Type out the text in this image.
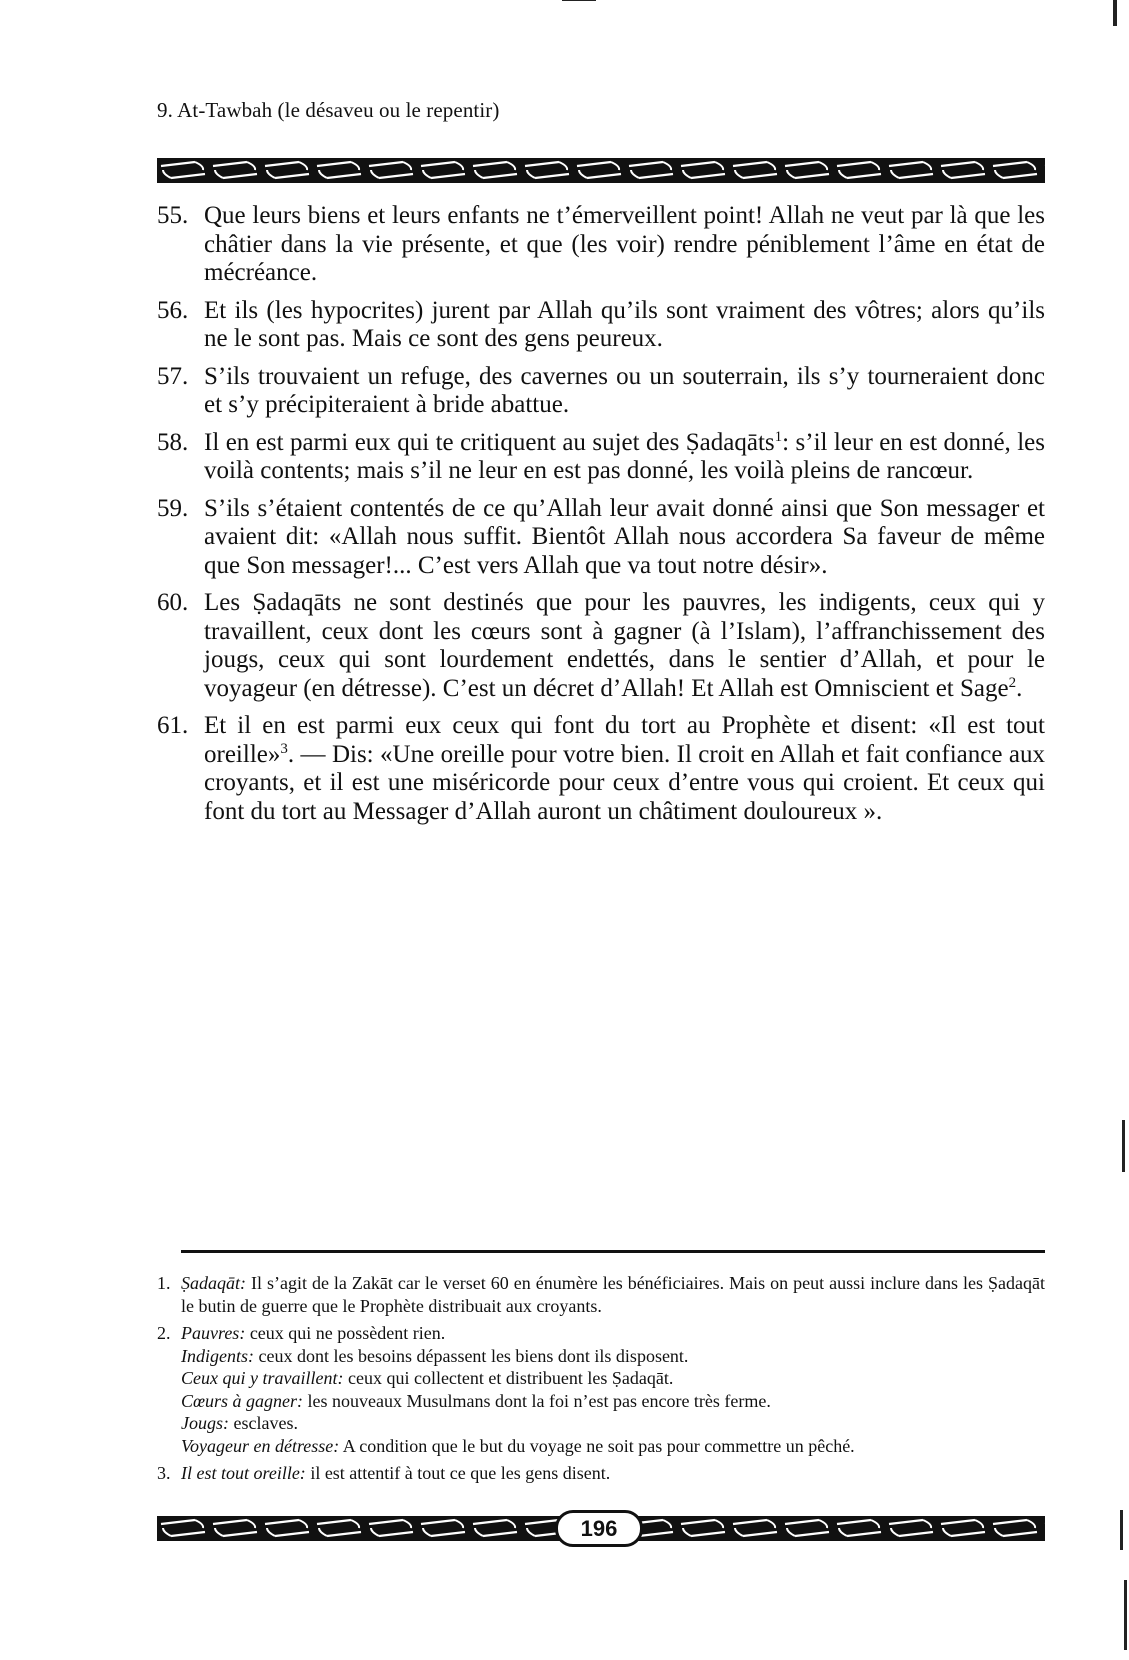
9. At-Tawbah (le désaveu ou le repentir)
55. Que leurs biens et leurs enfants ne t’émerveillent point! Allah ne veut par là que les châtier dans la vie présente, et que (les voir) rendre péniblement l’âme en état de mécréance.
56. Et ils (les hypocrites) jurent par Allah qu’ils sont vraiment des vôtres; alors qu’ils ne le sont pas. Mais ce sont des gens peureux.
57. S’ils trouvaient un refuge, des cavernes ou un souterrain, ils s’y tourneraient donc et s’y précipiteraient à bride abattue.
58. Il en est parmi eux qui te critiquent au sujet des Ṣadaqāts$^1$: s’il leur en est donné, les voilà contents; mais s’il ne leur en est pas donné, les voilà pleins de rancœur.
59. S’ils s’étaient contentés de ce qu’Allah leur avait donné ainsi que Son messager et avaient dit: «Allah nous suffit. Bientôt Allah nous accordera Sa faveur de même que Son messager!... C’est vers Allah que va tout notre désir».
60. Les Ṣadaqāts ne sont destinés que pour les pauvres, les indigents, ceux qui y travaillent, ceux dont les cœurs sont à gagner (à l’Islam), l’affranchissement des jougs, ceux qui sont lourdement endettés, dans le sentier d’Allah, et pour le voyageur (en détresse). C’est un décret d’Allah! Et Allah est Omniscient et Sage$^2$.
61. Et il en est parmi eux ceux qui font du tort au Prophète et disent: «Il est tout oreille»$^3$. — Dis: «Une oreille pour votre bien. Il croit en Allah et fait confiance aux croyants, et il est une miséricorde pour ceux d’entre vous qui croient. Et ceux qui font du tort au Messager d’Allah auront un châtiment douloureux ».
1. Ṣadaqāt: Il s’agit de la Zakāt car le verset 60 en énumère les bénéficiaires. Mais on peut aussi inclure dans les Ṣadaqāt le butin de guerre que le Prophète distribuait aux croyants.
2. Pauvres: ceux qui ne possèdent rien.
Indigents: ceux dont les besoins dépassent les biens dont ils disposent.
Ceux qui y travaillent: ceux qui collectent et distribuent les Ṣadaqāt.
Cœurs à gagner: les nouveaux Musulmans dont la foi n’est pas encore très ferme.
Jougs: esclaves.
Voyageur en détresse: A condition que le but du voyage ne soit pas pour commettre un pêché.
3. Il est tout oreille: il est attentif à tout ce que les gens disent.
196
